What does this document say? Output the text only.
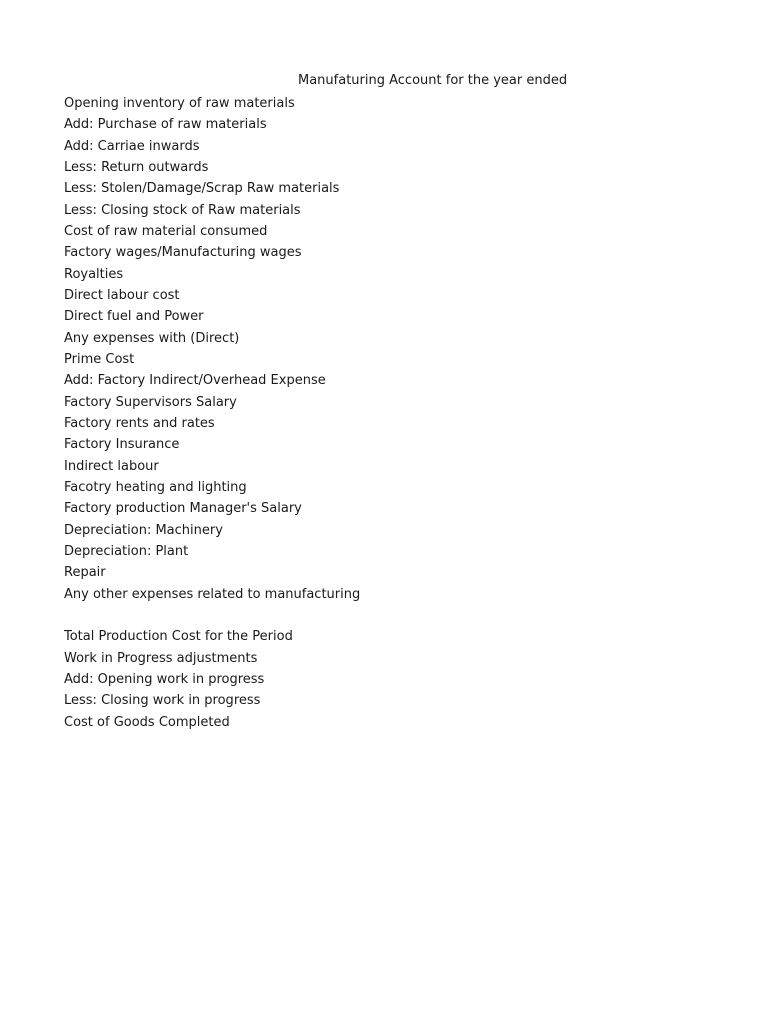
Manufaturing Account for the year ended
Opening inventory of raw materials
Add: Purchase of raw materials
Add: Carriae inwards
Less: Return outwards
Less: Stolen/Damage/Scrap Raw materials
Less: Closing stock of Raw materials
Cost of raw material consumed
Factory wages/Manufacturing wages
Royalties
Direct labour cost
Direct fuel and Power
Any expenses with (Direct)
Prime Cost
Add: Factory Indirect/Overhead Expense
Factory Supervisors Salary
Factory rents and rates
Factory Insurance
Indirect labour
Facotry heating and lighting
Factory production Manager's Salary
Depreciation: Machinery
Depreciation: Plant
Repair
Any other expenses related to manufacturing
Total Production Cost for the Period
Work in Progress adjustments
Add: Opening work in progress
Less: Closing work in progress
Cost of Goods Completed
